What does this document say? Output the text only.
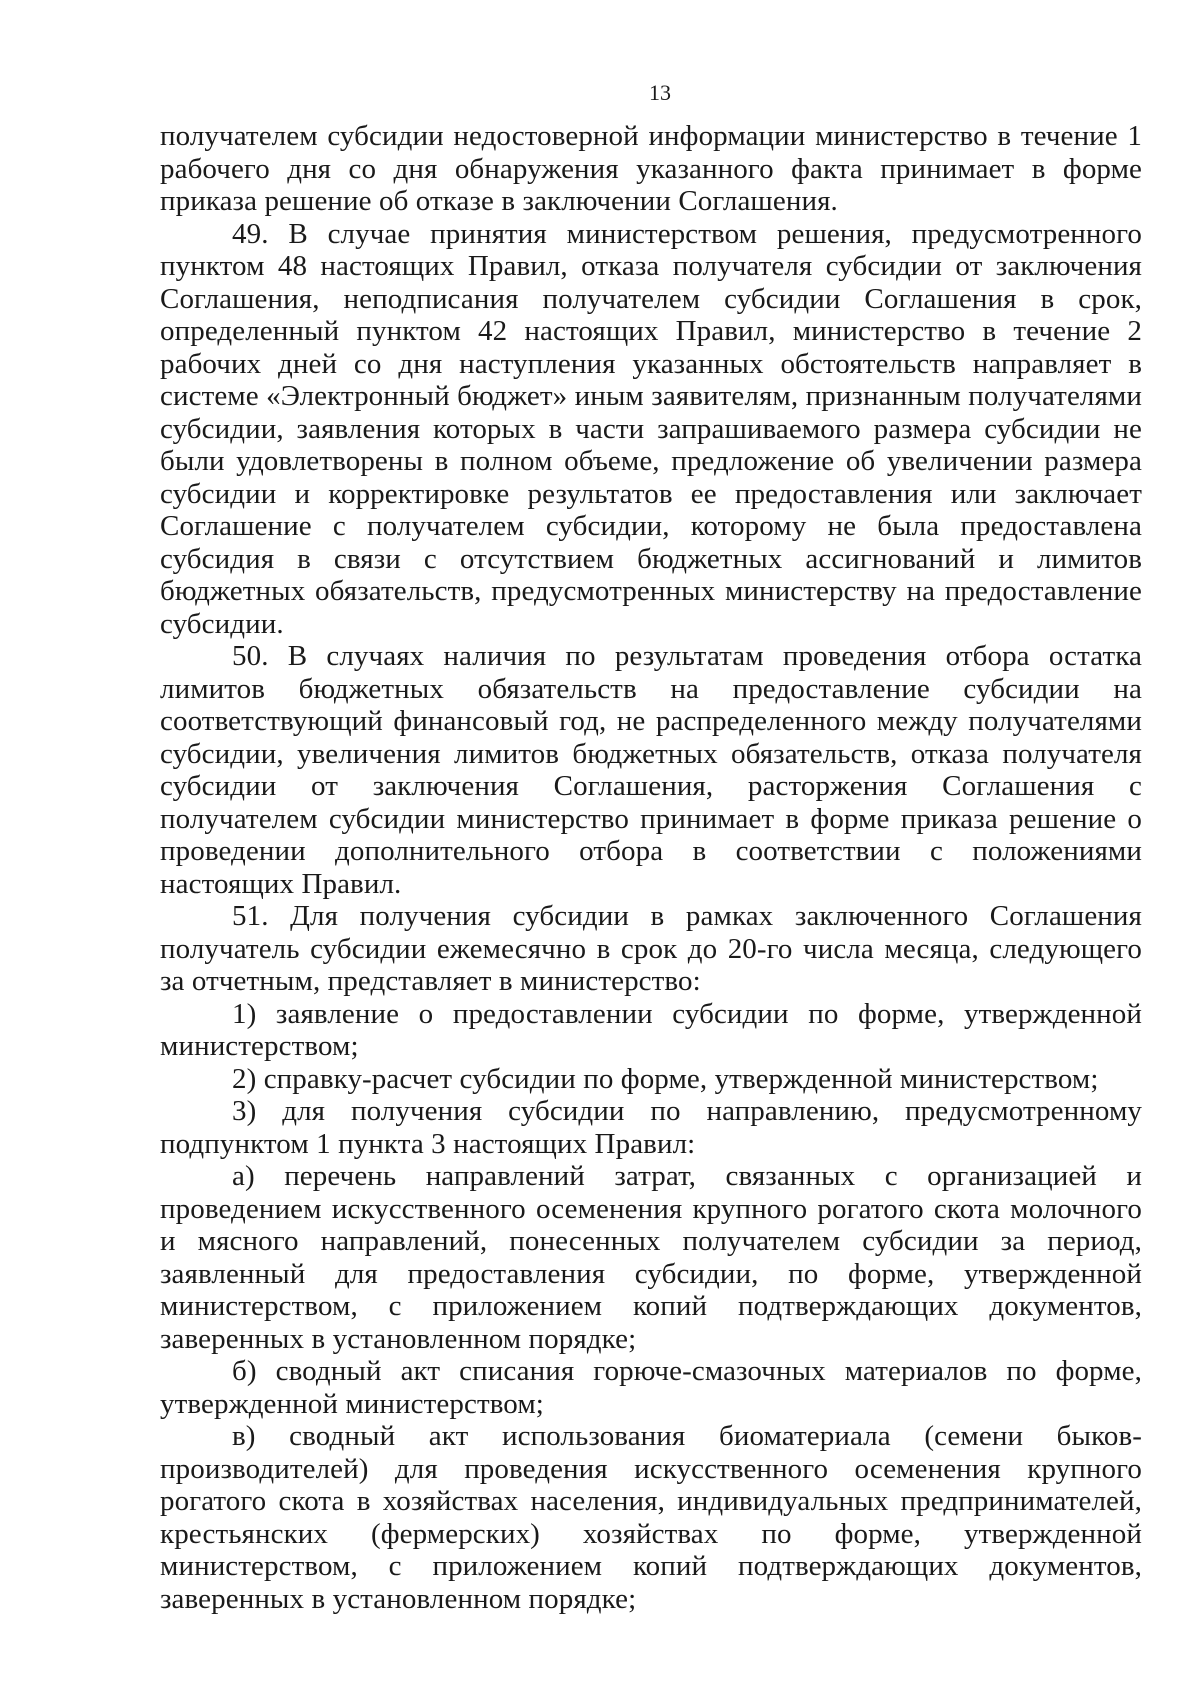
13

получателем субсидии недостоверной информации министерство в течение 1 рабочего дня со дня обнаружения указанного факта принимает в форме приказа решение об отказе в заключении Соглашения.

49. В случае принятия министерством решения, предусмотренного пунктом 48 настоящих Правил, отказа получателя субсидии от заключения Соглашения, неподписания получателем субсидии Соглашения в срок, определенный пунктом 42 настоящих Правил, министерство в течение 2 рабочих дней со дня наступления указанных обстоятельств направляет в системе «Электронный бюджет» иным заявителям, признанным получателями субсидии, заявления которых в части запрашиваемого размера субсидии не были удовлетворены в полном объеме, предложение об увеличении размера субсидии и корректировке результатов ее предоставления или заключает Соглашение с получателем субсидии, которому не была предоставлена субсидия в связи с отсутствием бюджетных ассигнований и лимитов бюджетных обязательств, предусмотренных министерству на предоставление субсидии.

50. В случаях наличия по результатам проведения отбора остатка лимитов бюджетных обязательств на предоставление субсидии на соответствующий финансовый год, не распределенного между получателями субсидии, увеличения лимитов бюджетных обязательств, отказа получателя субсидии от заключения Соглашения, расторжения Соглашения с получателем субсидии министерство принимает в форме приказа решение о проведении дополнительного отбора в соответствии с положениями настоящих Правил.

51. Для получения субсидии в рамках заключенного Соглашения получатель субсидии ежемесячно в срок до 20-го числа месяца, следующего за отчетным, представляет в министерство:

1) заявление о предоставлении субсидии по форме, утвержденной министерством;

2) справку-расчет субсидии по форме, утвержденной министерством;

3) для получения субсидии по направлению, предусмотренному подпунктом 1 пункта 3 настоящих Правил:

а) перечень направлений затрат, связанных с организацией и проведением искусственного осеменения крупного рогатого скота молочного и мясного направлений, понесенных получателем субсидии за период, заявленный для предоставления субсидии, по форме, утвержденной министерством, с приложением копий подтверждающих документов, заверенных в установленном порядке;

б) сводный акт списания горюче-смазочных материалов по форме, утвержденной министерством;

в) сводный акт использования биоматериала (семени быков-производителей) для проведения искусственного осеменения крупного рогатого скота в хозяйствах населения, индивидуальных предпринимателей, крестьянских (фермерских) хозяйствах по форме, утвержденной министерством, с приложением копий подтверждающих документов, заверенных в установленном порядке;
